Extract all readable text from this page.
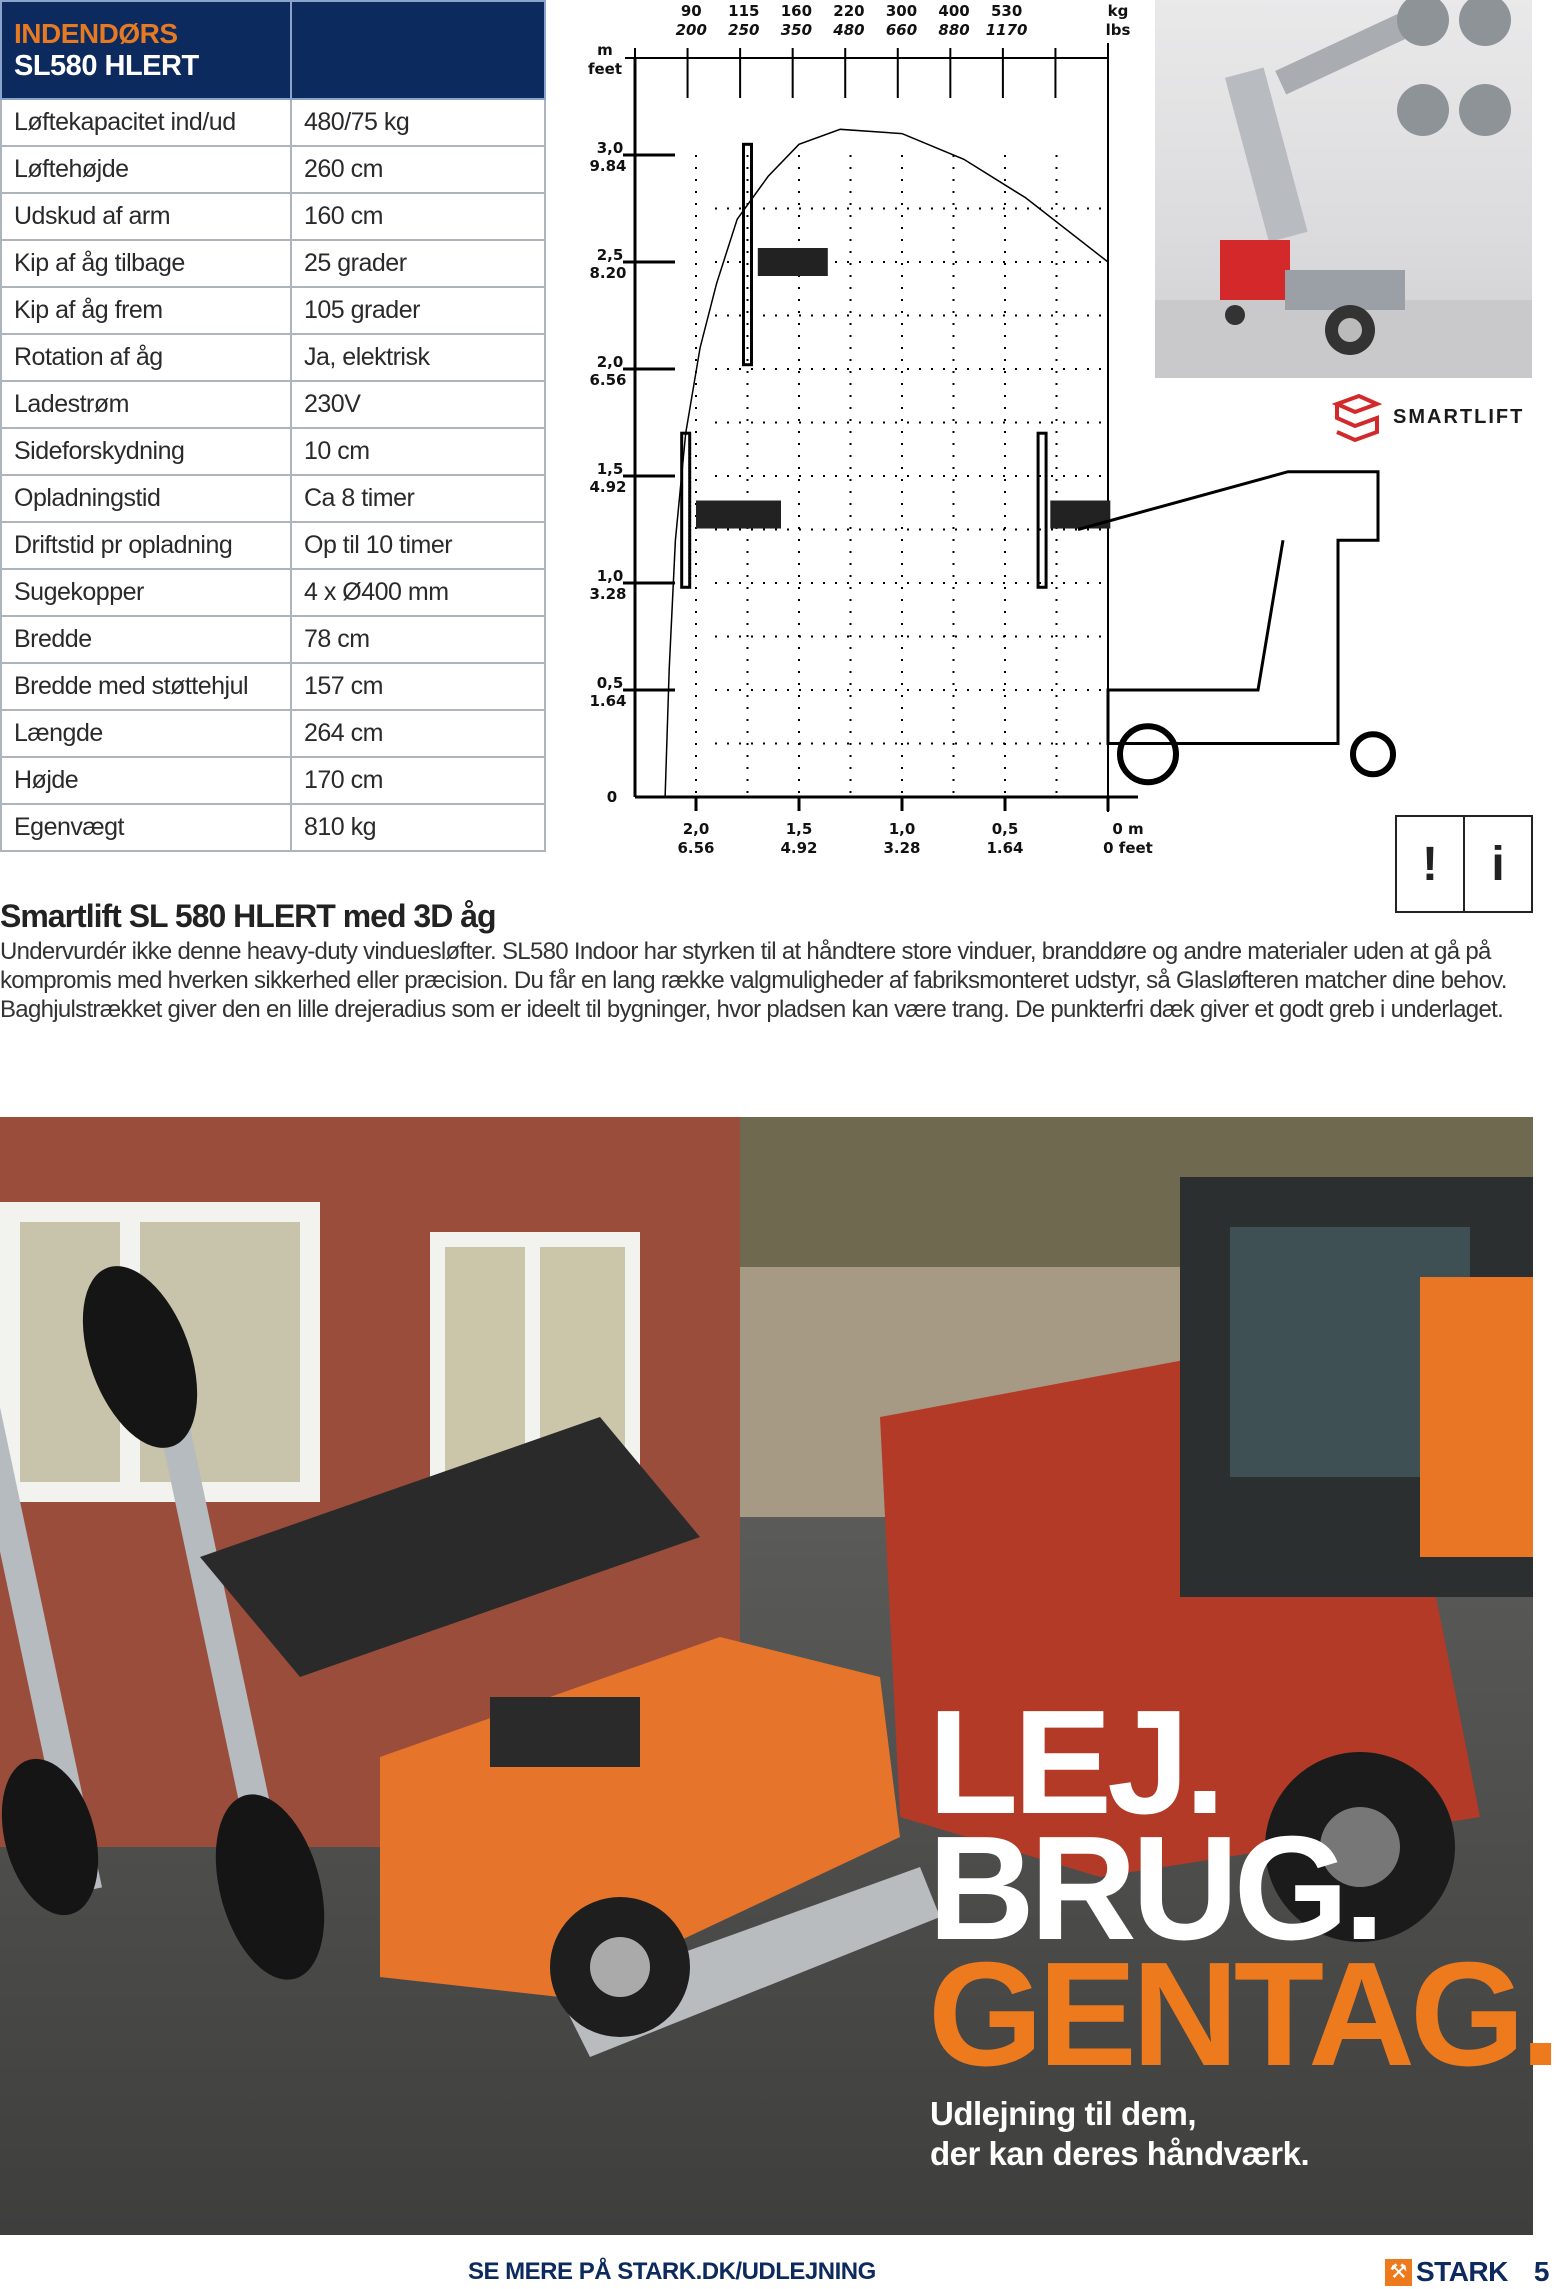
INDENDØRS
SL580 HLERT	

Løftekapacitet ind/ud	480/75 kg
Løftehøjde	260 cm
Udskud af arm	160 cm
Kip af åg tilbage	25 grader
Kip af åg frem	105 grader
Rotation af åg	Ja, elektrisk
Ladestrøm	230V
Sideforskydning	10 cm
Opladningstid	Ca 8 timer
Driftstid pr opladning	Op til 10 timer
Sugekopper	4 x Ø400 mm
Bredde	78 cm
Bredde med støttehjul	157 cm
Længde	264 cm
Højde	170 cm
Egenvægt	810 kg
90
200
115
250
160
350
220
480
300
660
400
880
530
1170
kg
lbs
m
feet
3,0
9.84
2,5
8.20
2,0
6.56
1,5
4.92
1,0
3.28
0,5
1.64
0
2,0
6.56
1,5
4.92
1,0
3.28
0,5
1.64
0 m
0 feet
SMARTLIFT
!	i
Smartlift SL 580 HLERT med 3D åg

Undervurdér ikke denne heavy-duty vinduesløfter. SL580 Indoor har styrken til at håndtere store vinduer, branddøre og andre materialer uden at gå på kompromis med hverken sikkerhed eller præcision. Du får en lang række valgmuligheder af fabriksmonteret udstyr, så Glasløfteren matcher dine behov. Baghjulstrækket giver den en lille drejeradius som er ideelt til bygninger, hvor pladsen kan være trang. De punkterfri dæk giver et godt greb i underlaget.

LEJ.
BRUG.
GENTAG.
Udlejning til dem,
der kan deres håndværk.
SE MERE PÅ STARK.DK/UDLEJNING	⚒ STARK 5
